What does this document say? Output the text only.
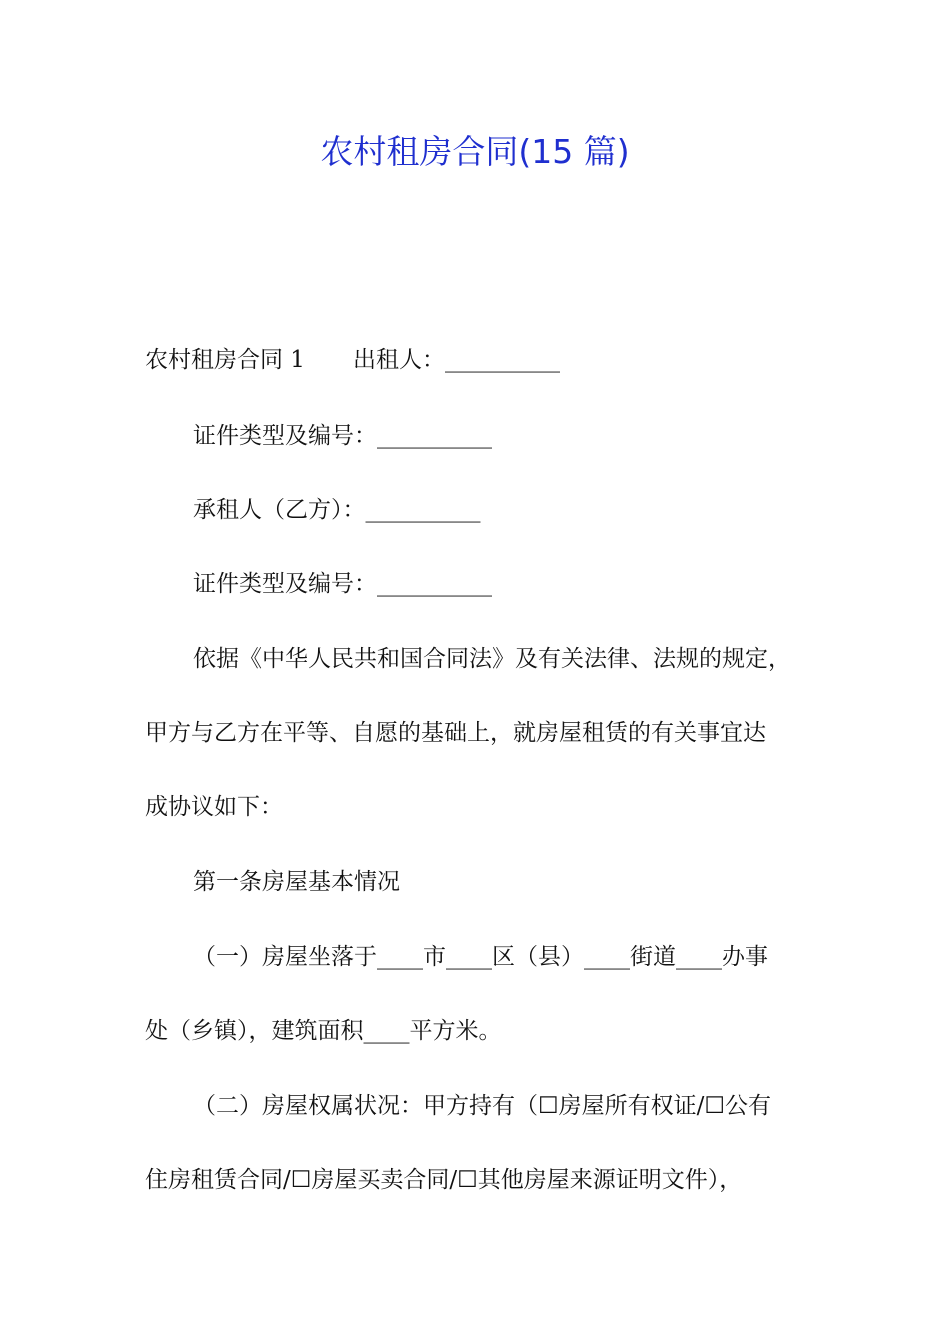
农村租房合同(15 篇)
农村租房合同 1 出租人：__________
证件类型及编号：__________
承租人（乙方）：__________
证件类型及编号：__________
依据《中华人民共和国合同法》及有关法律、法规的规定，
甲方与乙方在平等、自愿的基础上，就房屋租赁的有关事宜达
成协议如下：
第一条房屋基本情况
（一）房屋坐落于____市____区（县）____街道____办事
处（乡镇），建筑面积____平方米。
（二）房屋权属状况：甲方持有（☐房屋所有权证/☐公有
住房租赁合同/☐房屋买卖合同/☐其他房屋来源证明文件），
